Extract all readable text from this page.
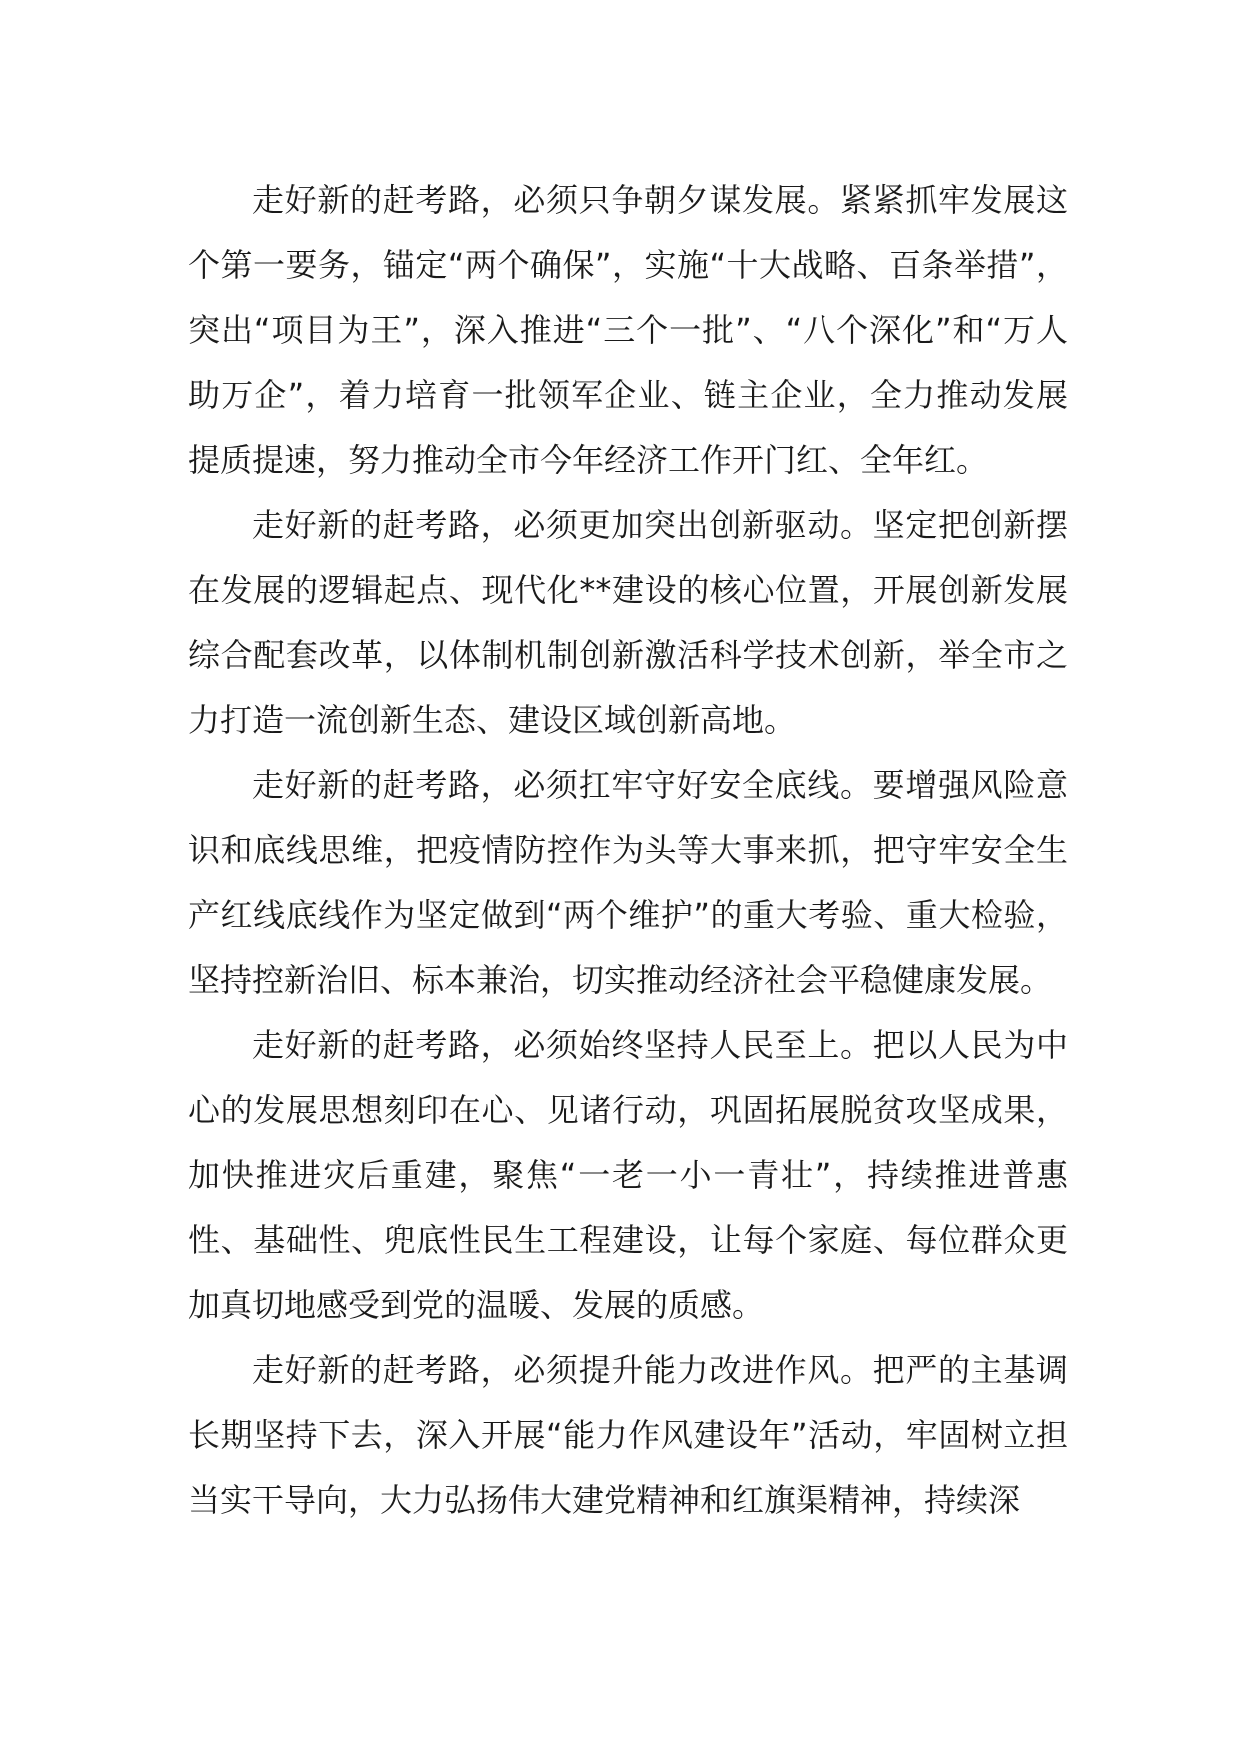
走好新的赶考路，必须只争朝夕谋发展。紧紧抓牢发展这个第一要务，锚定“两个确保”，实施“十大战略、百条举措”，突出“项目为王”，深入推进“三个一批”、“八个深化”和“万人助万企”，着力培育一批领军企业、链主企业，全力推动发展提质提速，努力推动全市今年经济工作开门红、全年红。

走好新的赶考路，必须更加突出创新驱动。坚定把创新摆在发展的逻辑起点、现代化**建设的核心位置，开展创新发展综合配套改革，以体制机制创新激活科学技术创新，举全市之力打造一流创新生态、建设区域创新高地。

走好新的赶考路，必须扛牢守好安全底线。要增强风险意识和底线思维，把疫情防控作为头等大事来抓，把守牢安全生产红线底线作为坚定做到“两个维护”的重大考验、重大检验，坚持控新治旧、标本兼治，切实推动经济社会平稳健康发展。

走好新的赶考路，必须始终坚持人民至上。把以人民为中心的发展思想刻印在心、见诸行动，巩固拓展脱贫攻坚成果，加快推进灾后重建，聚焦“一老一小一青壮”，持续推进普惠性、基础性、兜底性民生工程建设，让每个家庭、每位群众更加真切地感受到党的温暖、发展的质感。

走好新的赶考路，必须提升能力改进作风。把严的主基调长期坚持下去，深入开展“能力作风建设年”活动，牢固树立担当实干导向，大力弘扬伟大建党精神和红旗渠精神，持续深
